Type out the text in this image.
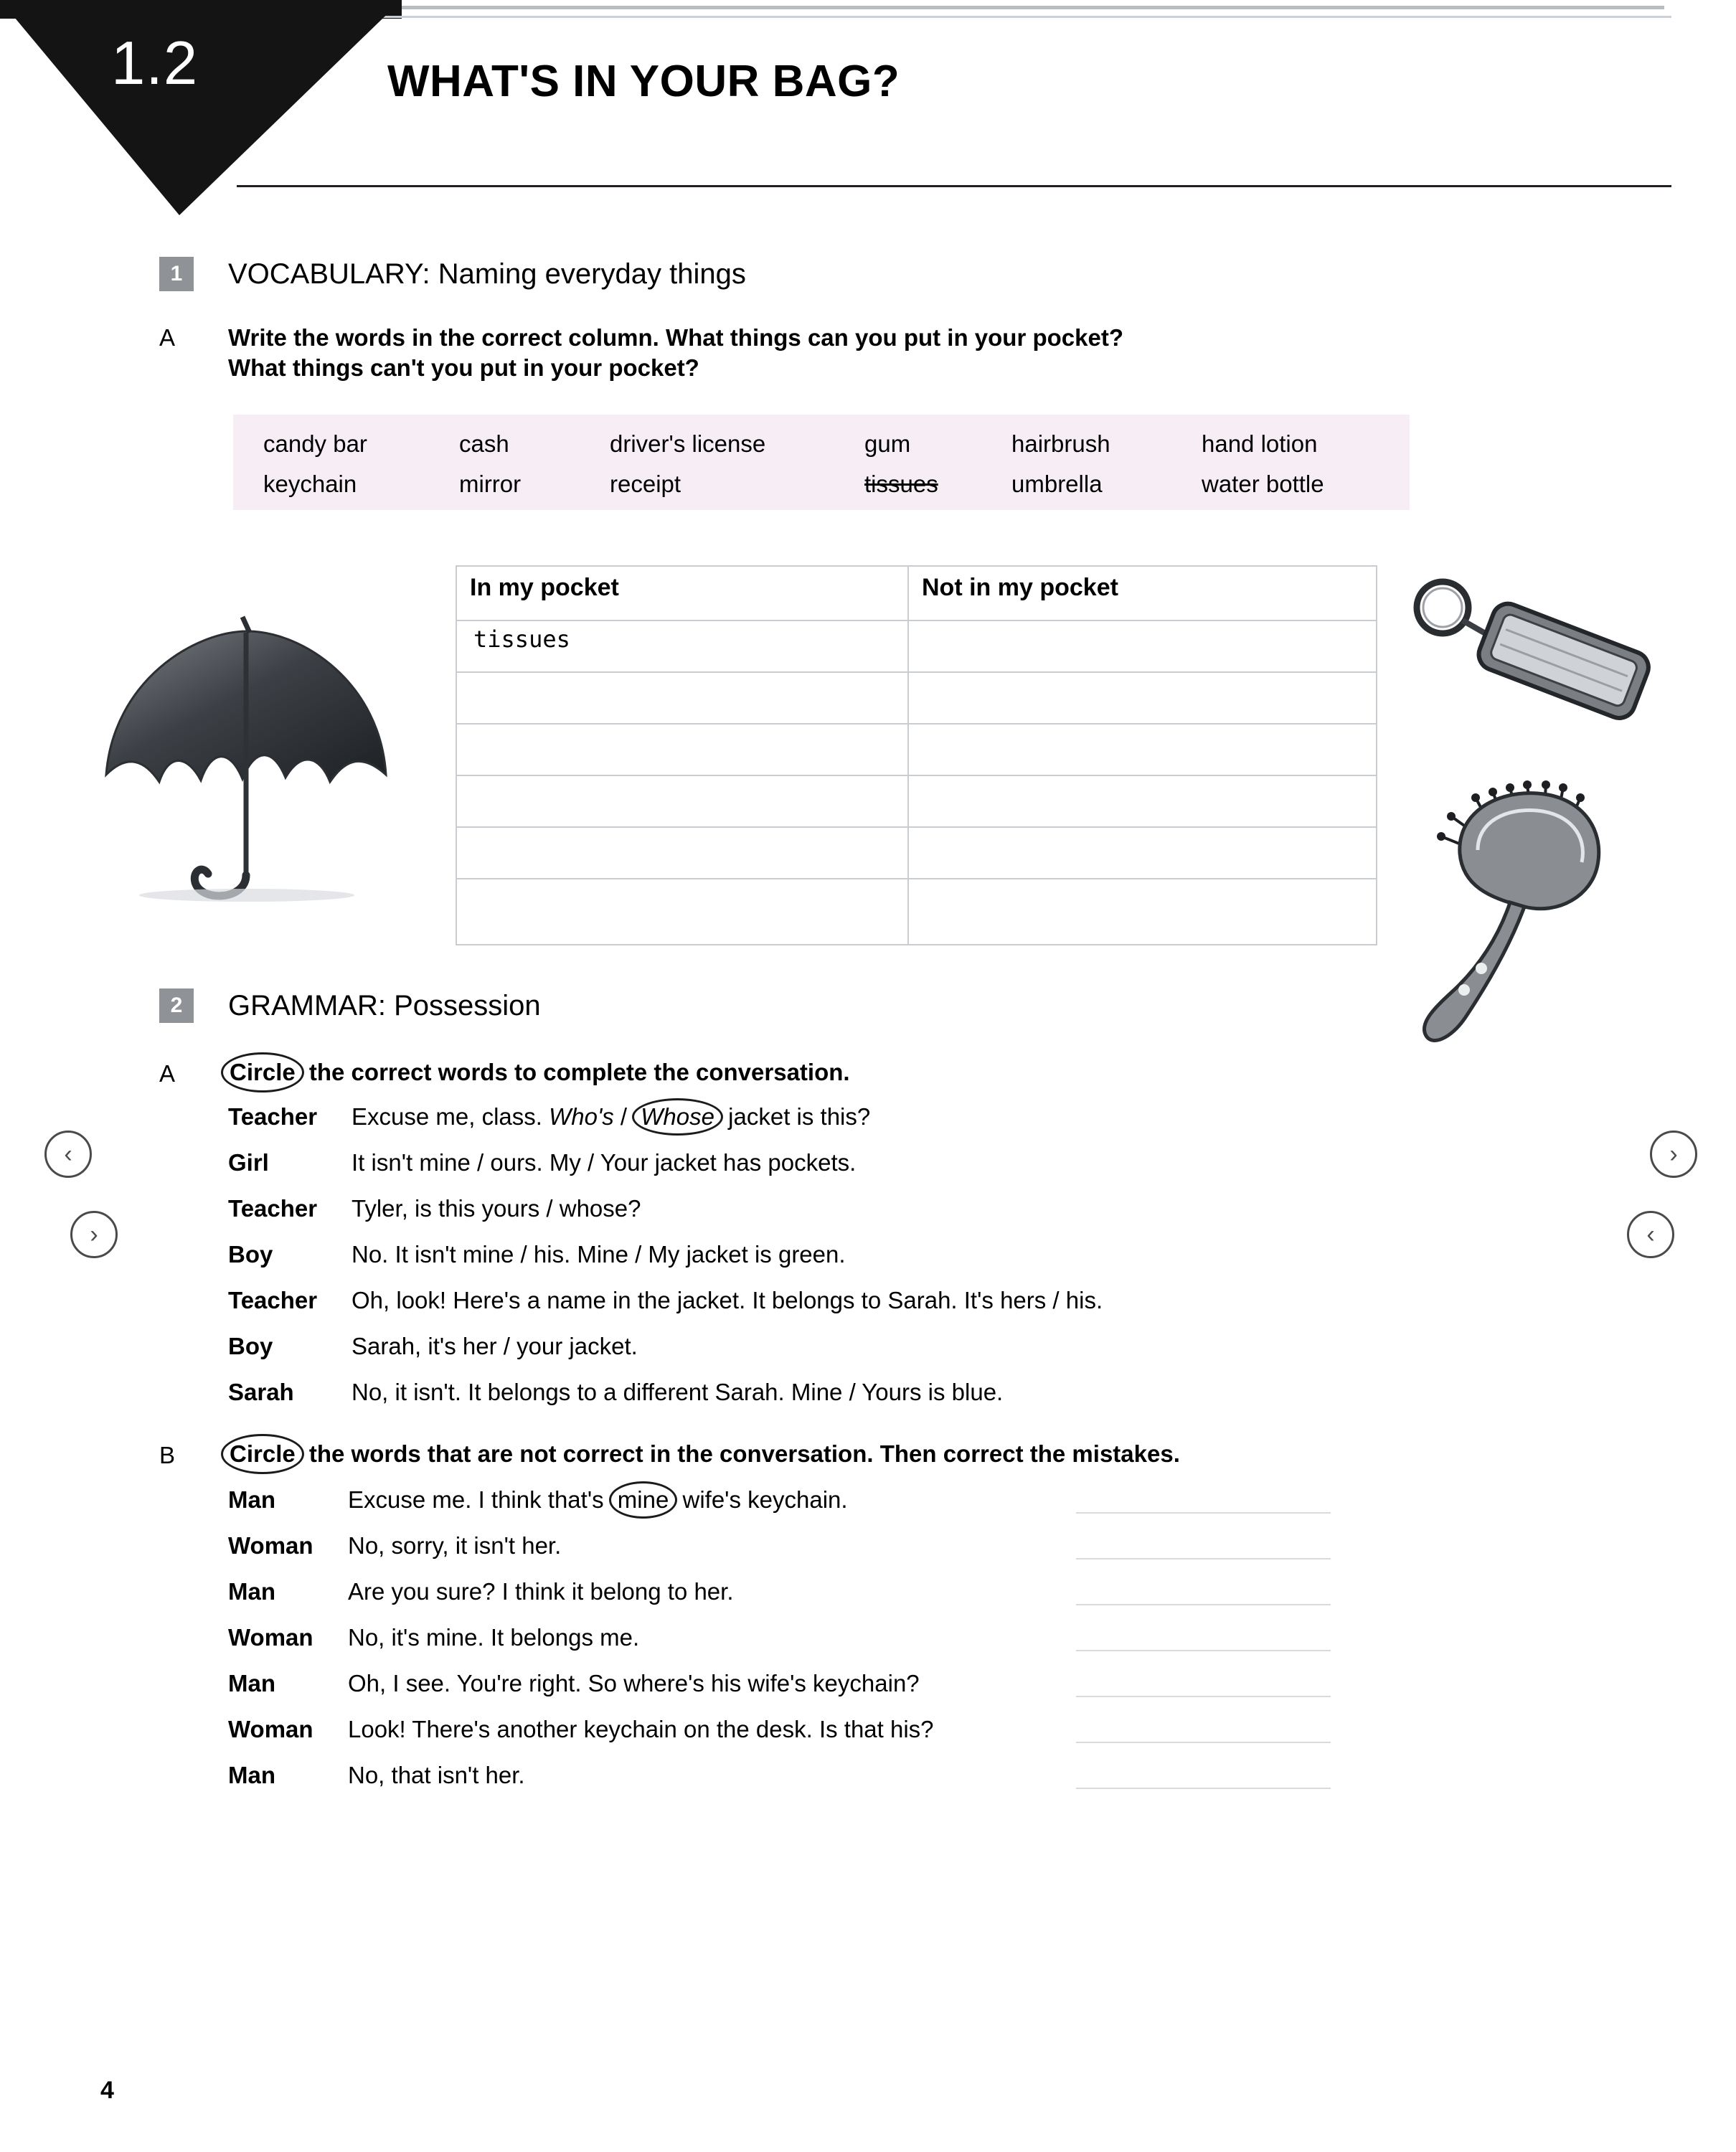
1.2	WHAT'S IN YOUR BAG?
1	VOCABULARY: Naming everyday things
A Write the words in the correct column. What things can you put in your pocket?
What things can't you put in your pocket?
candy bar	cash	driver's license	gum	hairbrush	hand lotion
keychain	mirror	receipt	tissues	umbrella	water bottle
In my pocket	Not in my pocket
tissues
2	GRAMMAR: Possession
A	Circle the correct words to complete the conversation.
Teacher Excuse me, class. Who's / Whose jacket is this?
Girl	It isn't mine / ours. My / Your jacket has pockets.
Teacher Tyler, is this yours / whose?
Boy	No. It isn't mine / his. Mine / My jacket is green.
Teacher Oh, look! Here's a name in the jacket. It belongs to Sarah. It's hers / his.
Boy	Sarah, it's her / your jacket.
Sarah No, it isn't. It belongs to a different Sarah. Mine / Yours is blue.
B	Circle the words that are not correct in the conversation. Then correct the mistakes.
Man	Excuse me. I think that's mine wife's keychain.
Woman No, sorry, it isn't her.
Man	Are you sure? I think it belong to her.
Woman No, it's mine. It belongs me.
Man	Oh, I see. You're right. So where's his wife's keychain?
Woman Look! There's another keychain on the desk. Is that his?
Man	No, that isn't her.
‹
›
›
‹
4
